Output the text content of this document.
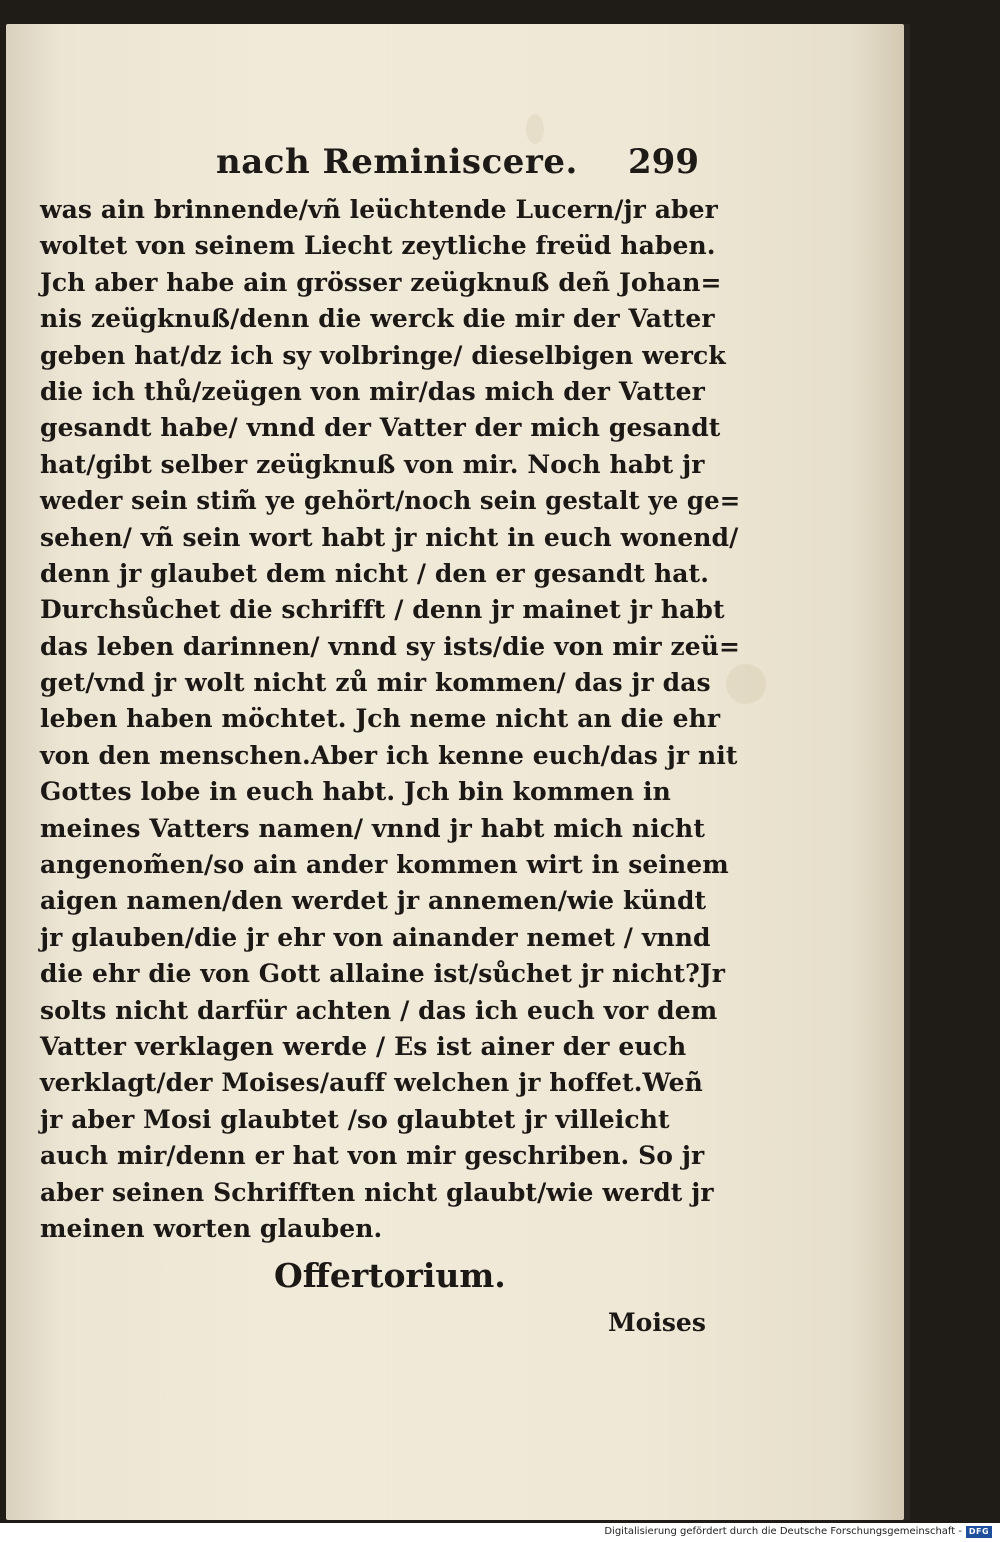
nach Reminiscere. 299
was ain brinnende/vñ leüchtende Lucern/jr aber
woltet von seinem Liecht zeytliche freüd haben.
Jch aber habe ain grösser zeügknuß deñ Johan=
nis zeügknuß/denn die werck die mir der Vatter
geben hat/dz ich sy volbringe/ dieselbigen werck
die ich thů/zeügen von mir/das mich der Vatter
gesandt habe/ vnnd der Vatter der mich gesandt
hat/gibt selber zeügknuß von mir. Noch habt jr
weder sein stim̃ ye gehört/noch sein gestalt ye ge=
sehen/ vñ sein wort habt jr nicht in euch wonend/
denn jr glaubet dem nicht / den er gesandt hat.
Durchsůchet die schrifft / denn jr mainet jr habt
das leben darinnen/ vnnd sy ists/die von mir zeü=
get/vnd jr wolt nicht zů mir kommen/ das jr das
leben haben möchtet. Jch neme nicht an die ehr
von den menschen.Aber ich kenne euch/das jr nit
Gottes lobe in euch habt. Jch bin kommen in
meines Vatters namen/ vnnd jr habt mich nicht
angenom̃en/so ain ander kommen wirt in seinem
aigen namen/den werdet jr annemen/wie kündt
jr glauben/die jr ehr von ainander nemet / vnnd
die ehr die von Gott allaine ist/sůchet jr nicht?Jr
solts nicht darfür achten / das ich euch vor dem
Vatter verklagen werde / Es ist ainer der euch
verklagt/der Moises/auff welchen jr hoffet.Weñ
jr aber Mosi glaubtet /so glaubtet jr villeicht
auch mir/denn er hat von mir geschriben. So jr
aber seinen Schrifften nicht glaubt/wie werdt jr
meinen worten glauben.
Offertorium.
Moises
Digitalisierung gefördert durch die Deutsche Forschungsgemeinschaft - DFG
